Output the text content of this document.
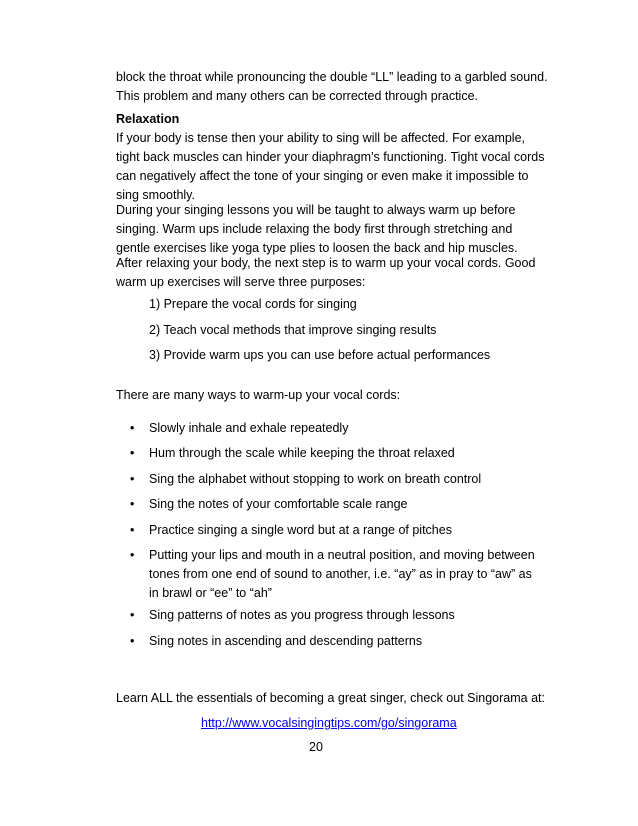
block the throat while pronouncing the double “LL” leading to a garbled sound.
This problem and many others can be corrected through practice.

Relaxation

If your body is tense then your ability to sing will be affected. For example,
tight back muscles can hinder your diaphragm’s functioning. Tight vocal cords
can negatively affect the tone of your singing or even make it impossible to
sing smoothly.

During your singing lessons you will be taught to always warm up before
singing. Warm ups include relaxing the body first through stretching and
gentle exercises like yoga type plies to loosen the back and hip muscles.

After relaxing your body, the next step is to warm up your vocal cords. Good
warm up exercises will serve three purposes:

1) Prepare the vocal cords for singing
2) Teach vocal methods that improve singing results
3) Provide warm ups you can use before actual performances

There are many ways to warm-up your vocal cords:

• Slowly inhale and exhale repeatedly
• Hum through the scale while keeping the throat relaxed
• Sing the alphabet without stopping to work on breath control
• Sing the notes of your comfortable scale range
• Practice singing a single word but at a range of pitches
• Putting your lips and mouth in a neutral position, and moving between
tones from one end of sound to another, i.e. “ay” as in pray to “aw” as
in brawl or “ee” to “ah”
• Sing patterns of notes as you progress through lessons
• Sing notes in ascending and descending patterns
Learn ALL the essentials of becoming a great singer, check out Singorama at:
http://www.vocalsingingtips.com/go/singorama
20
